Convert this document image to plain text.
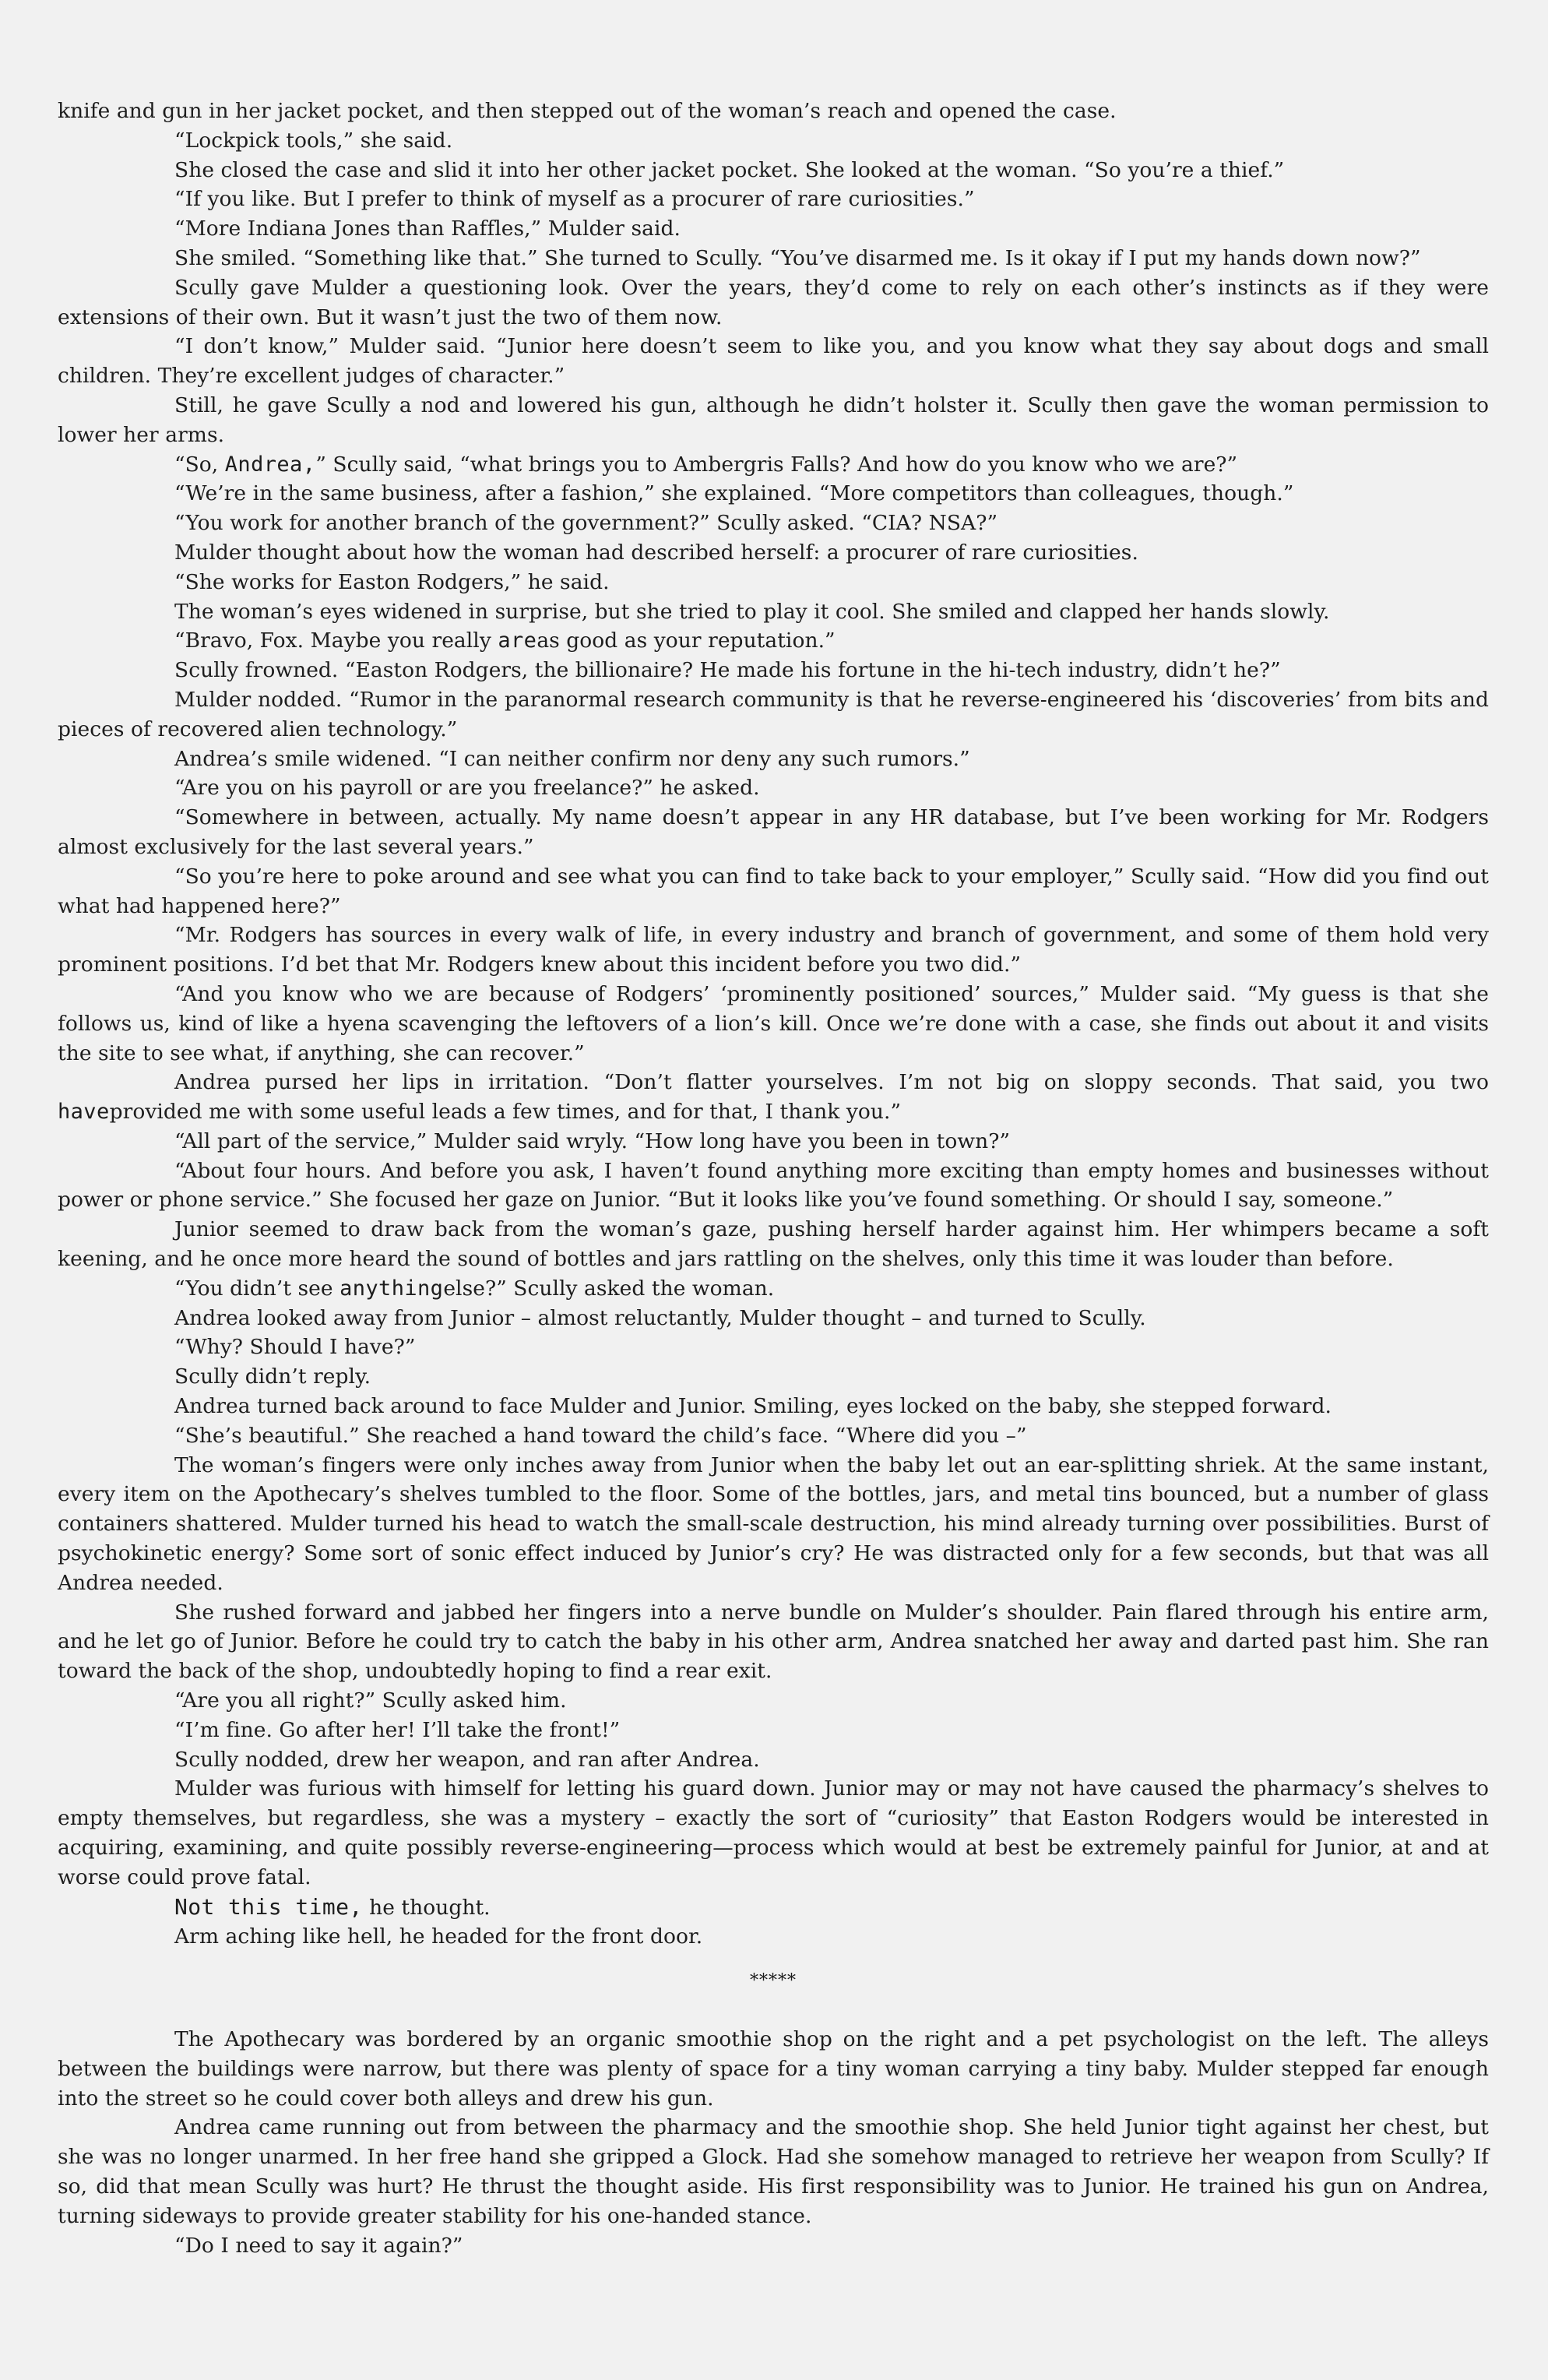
knife and gun in her jacket pocket, and then stepped out of the woman’s reach and opened the case.

“Lockpick tools,” she said.

She closed the case and slid it into her other jacket pocket. She looked at the woman. “So you’re a thief.”

“If you like. But I prefer to think of myself as a procurer of rare curiosities.”

“More Indiana Jones than Raffles,” Mulder said.

She smiled. “Something like that.” She turned to Scully. “You’ve disarmed me. Is it okay if I put my hands down now?”

Scully gave Mulder a questioning look. Over the years, they’d come to rely on each other’s instincts as if they were extensions of their own. But it wasn’t just the two of them now.

“I don’t know,” Mulder said. “Junior here doesn’t seem to like you, and you know what they say about dogs and small children. They’re excellent judges of character.”

Still, he gave Scully a nod and lowered his gun, although he didn’t holster it. Scully then gave the woman permission to lower her arms.

“So, Andrea,” Scully said, “what brings you to Ambergris Falls? And how do you know who we are?”

“We’re in the same business, after a fashion,” she explained. “More competitors than colleagues, though.”

“You work for another branch of the government?” Scully asked. “CIA? NSA?”

Mulder thought about how the woman had described herself: a procurer of rare curiosities.

“She works for Easton Rodgers,” he said.

The woman’s eyes widened in surprise, but she tried to play it cool. She smiled and clapped her hands slowly.

“Bravo, Fox. Maybe you really areas good as your reputation.”

Scully frowned. “Easton Rodgers, the billionaire? He made his fortune in the hi-tech industry, didn’t he?”

Mulder nodded. “Rumor in the paranormal research community is that he reverse-engineered his ‘discoveries’ from bits and pieces of recovered alien technology.”

Andrea’s smile widened. “I can neither confirm nor deny any such rumors.”

“Are you on his payroll or are you freelance?” he asked.

“Somewhere in between, actually. My name doesn’t appear in any HR database, but I’ve been working for Mr. Rodgers almost exclusively for the last several years.”

“So you’re here to poke around and see what you can find to take back to your employer,” Scully said. “How did you find out what had happened here?”

“Mr. Rodgers has sources in every walk of life, in every industry and branch of government, and some of them hold very prominent positions. I’d bet that Mr. Rodgers knew about this incident before you two did.”

“And you know who we are because of Rodgers’ ‘prominently positioned’ sources,” Mulder said. “My guess is that she follows us, kind of like a hyena scavenging the leftovers of a lion’s kill. Once we’re done with a case, she finds out about it and visits the site to see what, if anything, she can recover.”

Andrea pursed her lips in irritation. “Don’t flatter yourselves. I’m not big on sloppy seconds. That said, you two haveprovided me with some useful leads a few times, and for that, I thank you.”

“All part of the service,” Mulder said wryly. “How long have you been in town?”

“About four hours. And before you ask, I haven’t found anything more exciting than empty homes and businesses without power or phone service.” She focused her gaze on Junior. “But it looks like you’ve found something. Or should I say, someone.”

Junior seemed to draw back from the woman’s gaze, pushing herself harder against him. Her whimpers became a soft keening, and he once more heard the sound of bottles and jars rattling on the shelves, only this time it was louder than before.

“You didn’t see anythingelse?” Scully asked the woman.

Andrea looked away from Junior – almost reluctantly, Mulder thought – and turned to Scully.

“Why? Should I have?”

Scully didn’t reply.

Andrea turned back around to face Mulder and Junior. Smiling, eyes locked on the baby, she stepped forward.

“She’s beautiful.” She reached a hand toward the child’s face. “Where did you –”

The woman’s fingers were only inches away from Junior when the baby let out an ear-splitting shriek. At the same instant, every item on the Apothecary’s shelves tumbled to the floor. Some of the bottles, jars, and metal tins bounced, but a number of glass containers shattered. Mulder turned his head to watch the small-scale destruction, his mind already turning over possibilities. Burst of psychokinetic energy? Some sort of sonic effect induced by Junior’s cry? He was distracted only for a few seconds, but that was all Andrea needed.

She rushed forward and jabbed her fingers into a nerve bundle on Mulder’s shoulder. Pain flared through his entire arm, and he let go of Junior. Before he could try to catch the baby in his other arm, Andrea snatched her away and darted past him. She ran toward the back of the shop, undoubtedly hoping to find a rear exit.

“Are you all right?” Scully asked him.

“I’m fine. Go after her! I’ll take the front!”

Scully nodded, drew her weapon, and ran after Andrea.

Mulder was furious with himself for letting his guard down. Junior may or may not have caused the pharmacy’s shelves to empty themselves, but regardless, she was a mystery – exactly the sort of “curiosity” that Easton Rodgers would be interested in acquiring, examining, and quite possibly reverse-engineering—process which would at best be extremely painful for Junior, at and at worse could prove fatal.

Not this time, he thought.

Arm aching like hell, he headed for the front door.

*****

The Apothecary was bordered by an organic smoothie shop on the right and a pet psychologist on the left. The alleys between the buildings were narrow, but there was plenty of space for a tiny woman carrying a tiny baby. Mulder stepped far enough into the street so he could cover both alleys and drew his gun.

Andrea came running out from between the pharmacy and the smoothie shop. She held Junior tight against her chest, but she was no longer unarmed. In her free hand she gripped a Glock. Had she somehow managed to retrieve her weapon from Scully? If so, did that mean Scully was hurt? He thrust the thought aside. His first responsibility was to Junior. He trained his gun on Andrea, turning sideways to provide greater stability for his one-handed stance.

“Do I need to say it again?”
